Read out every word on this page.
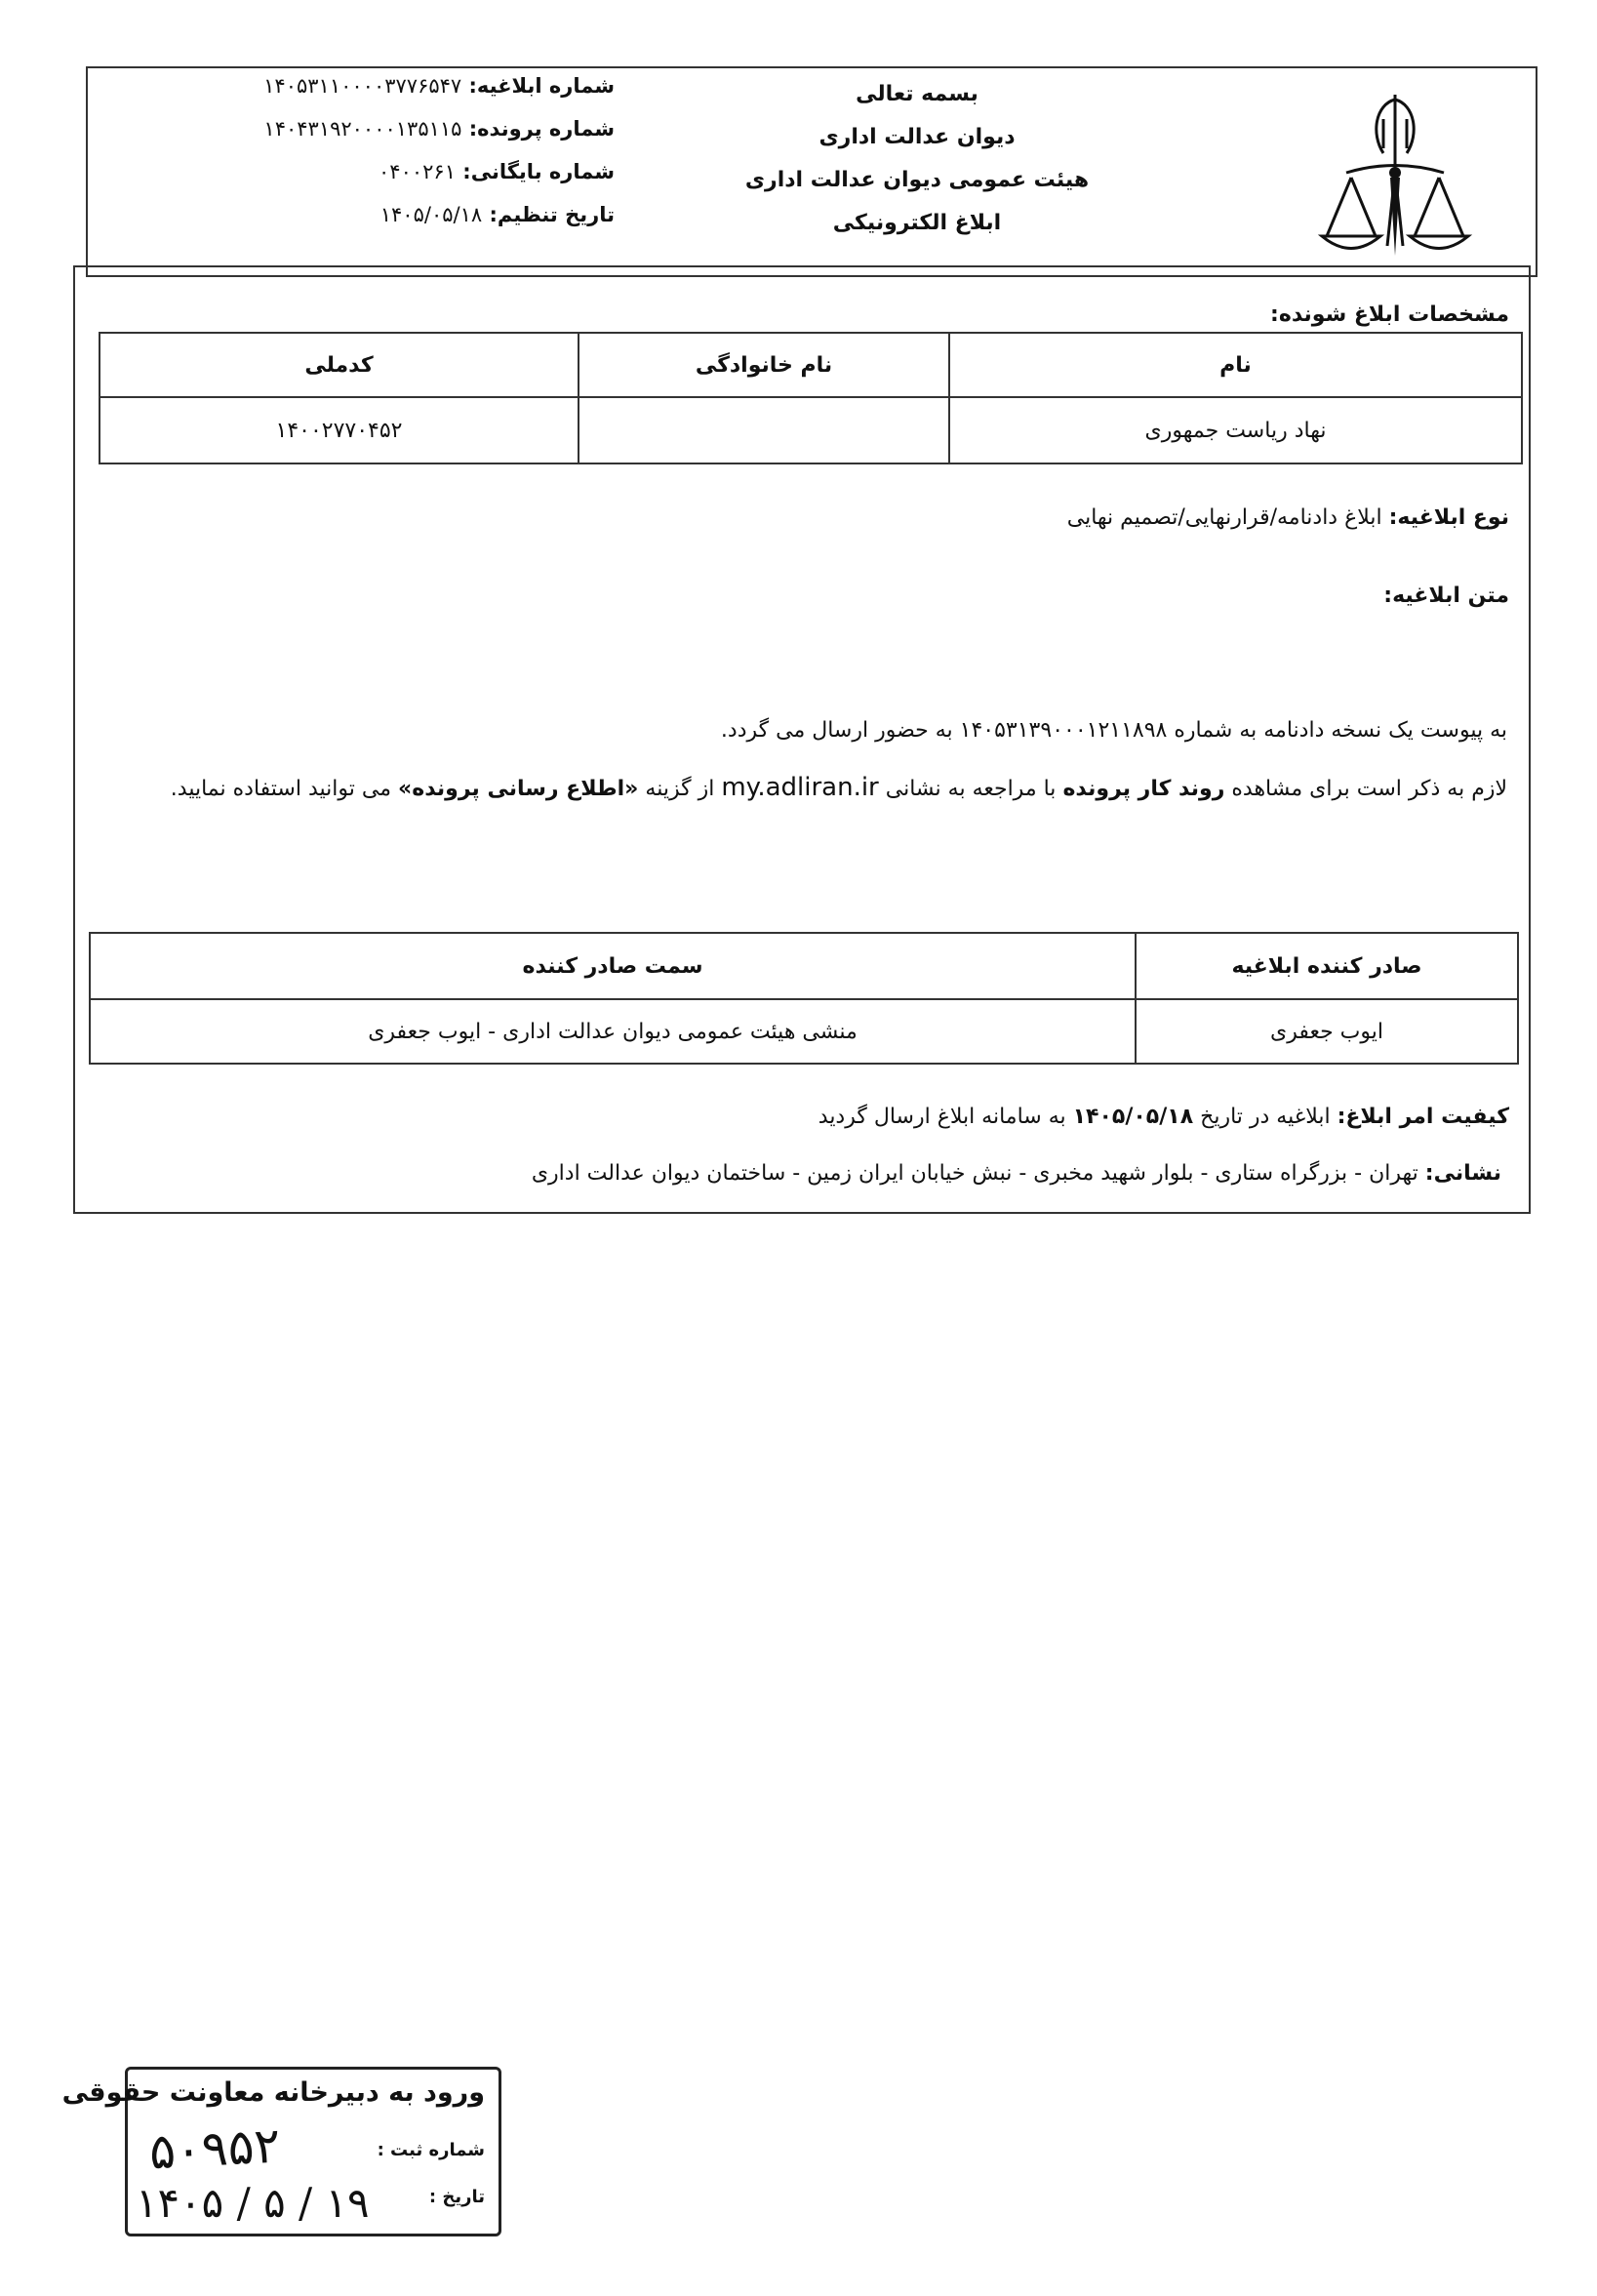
بسمه تعالی
دیوان عدالت اداری
هیئت عمومی دیوان عدالت اداری
ابلاغ الکترونیکی
شماره ابلاغیه: ۱۴۰۵۳۱۱۰۰۰۰۳۷۷۶۵۴۷
شماره پرونده: ۱۴۰۴۳۱۹۲۰۰۰۰۱۳۵۱۱۵
شماره بایگانی: ۰۴۰۰۲۶۱
تاریخ تنظیم: ۱۴۰۵/۰۵/۱۸
مشخصات ابلاغ شونده:
نام	نام خانوادگی	کدملی
نهاد ریاست جمهوری		۱۴۰۰۲۷۷۰۴۵۲
نوع ابلاغیه: ابلاغ دادنامه/قرارنهایی/تصمیم نهایی
متن ابلاغیه:
به پیوست یک نسخه دادنامه به شماره ۱۴۰۵۳۱۳۹۰۰۰۱۲۱۱۸۹۸ به حضور ارسال می گردد.
لازم به ذکر است برای مشاهده روند کار پرونده با مراجعه به نشانی my.adliran.ir از گزینه «اطلاع رسانی پرونده» می توانید استفاده نمایید.
صادر کننده ابلاغیه	سمت صادر کننده
ایوب جعفری	منشی هیئت عمومی دیوان عدالت اداری - ایوب جعفری
کیفیت امر ابلاغ: ابلاغیه در تاریخ ۱۴۰۵/۰۵/۱۸ به سامانه ابلاغ ارسال گردید
نشانی: تهران - بزرگراه ستاری - بلوار شهید مخبری - نبش خیابان ایران زمین - ساختمان دیوان عدالت اداری
ورود به دبیرخانه معاونت حقوقی
شماره ثبت :
۵۰۹۵۲
تاریخ :
۱۴۰۵ / ۵ / ۱۹
